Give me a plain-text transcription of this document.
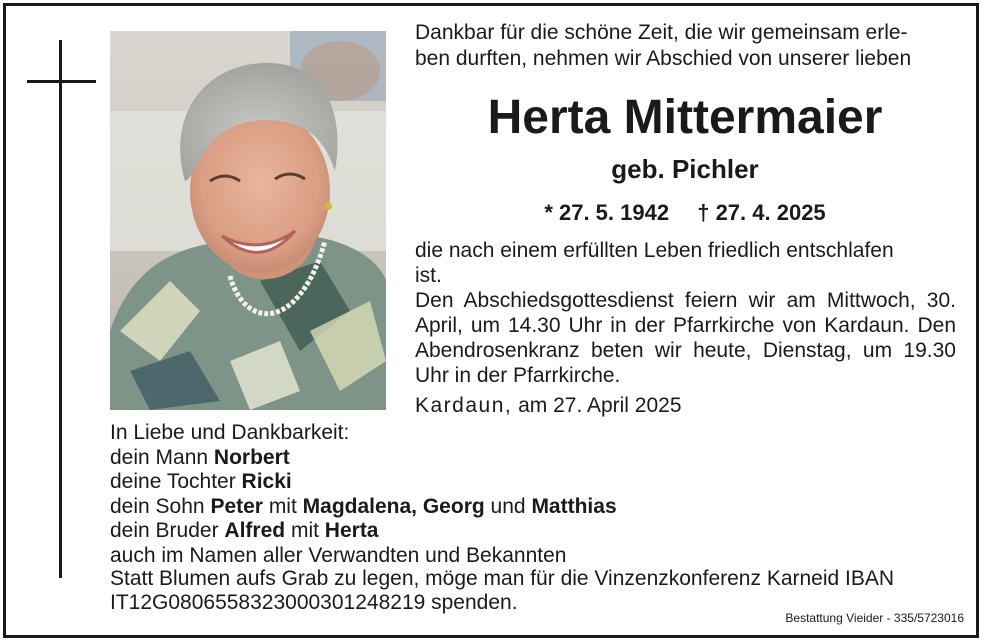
Dankbar für die schöne Zeit, die wir gemeinsam erle-
ben durften, nehmen wir Abschied von unserer lieben
Herta Mittermaier
geb. Pichler
* 27. 5. 1942 † 27. 4. 2025

die nach einem erfüllten Leben friedlich entschlafen

ist.

Den Abschiedsgottesdienst feiern wir am Mittwoch, 30. April, um 14.30 Uhr in der Pfarrkirche von Kardaun. Den Abendrosenkranz beten wir heute, Dienstag, um 19.30 Uhr in der Pfarrkirche.

Kardaun, am 27. April 2025
In Liebe und Dankbarkeit:
dein Mann Norbert
deine Tochter Ricki
dein Sohn Peter mit Magdalena, Georg und Matthias
dein Bruder Alfred mit Herta
auch im Namen aller Verwandten und Bekannten
Statt Blumen aufs Grab zu legen, möge man für die Vinzenzkonferenz Karneid IBAN
IT12G0806558323000301248219 spenden.
Bestattung Vieider - 335/5723016
